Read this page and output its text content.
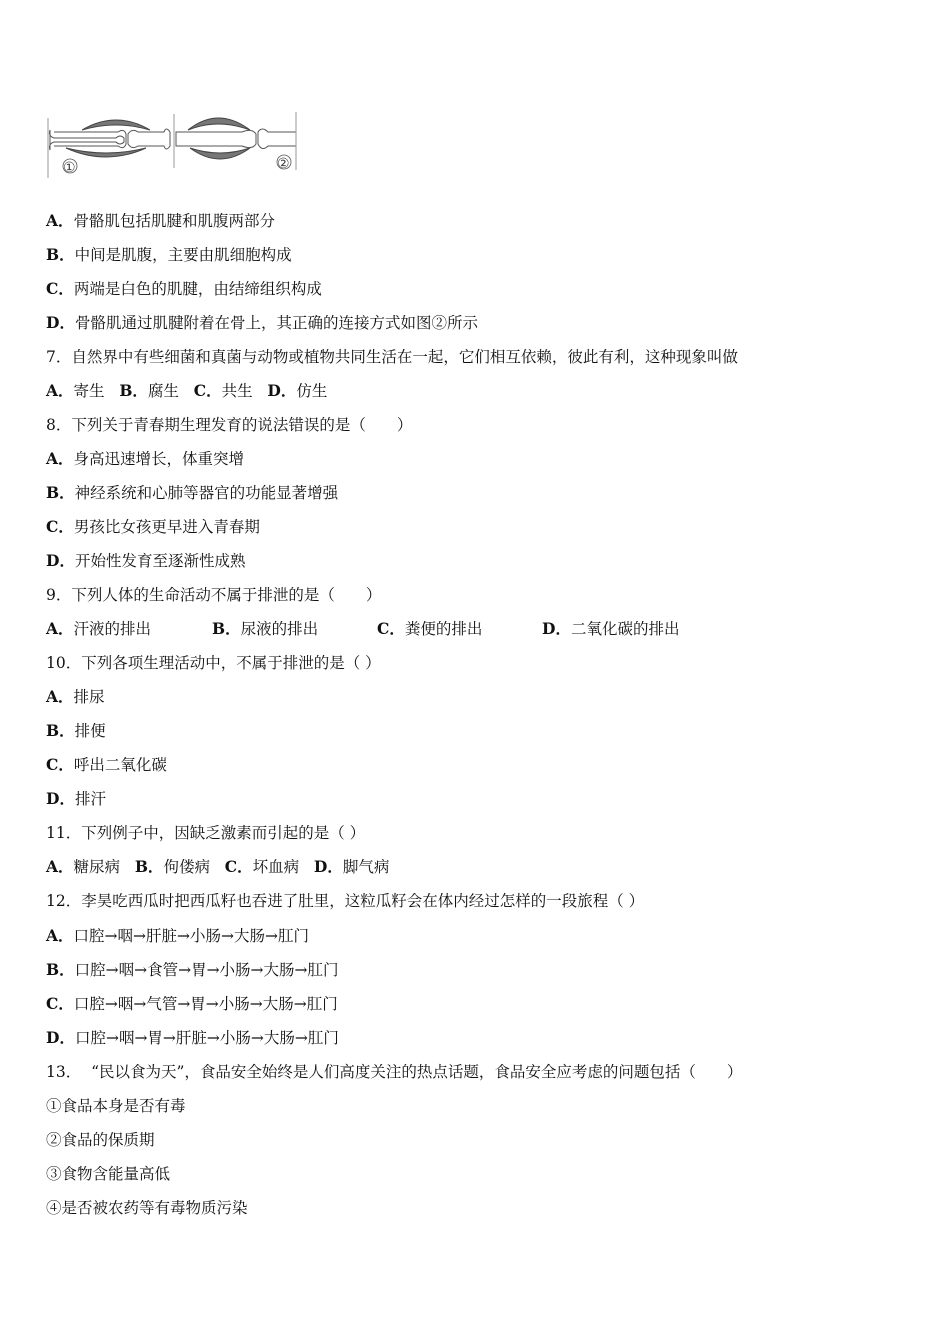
①	②
A．骨骼肌包括肌腱和肌腹两部分
B．中间是肌腹，主要由肌细胞构成
C．两端是白色的肌腱，由结缔组织构成
D．骨骼肌通过肌腱附着在骨上，其正确的连接方式如图②所示
7．自然界中有些细菌和真菌与动物或植物共同生活在一起，它们相互依赖，彼此有利，这种现象叫做
A．寄生 B．腐生 C．共生 D．仿生
8．下列关于青春期生理发育的说法错误的是（　　）
A．身高迅速增长，体重突增
B．神经系统和心肺等器官的功能显著增强
C．男孩比女孩更早进入青春期
D．开始性发育至逐渐性成熟
9．下列人体的生命活动不属于排泄的是（　　）
A．汗液的排出	B．尿液的排出	C．粪便的排出	D．二氧化碳的排出
10．下列各项生理活动中，不属于排泄的是（ ）
A．排尿
B．排便
C．呼出二氧化碳
D．排汗
11．下列例子中，因缺乏激素而引起的是（ ）
A．糖尿病 B．佝偻病 C．坏血病 D．脚气病
12．李昊吃西瓜时把西瓜籽也吞进了肚里，这粒瓜籽会在体内经过怎样的一段旅程（ ）
A．口腔→咽→肝脏→小肠→大肠→肛门
B．口腔→咽→食管→胃→小肠→大肠→肛门
C．口腔→咽→气管→胃→小肠→大肠→肛门
D．口腔→咽→胃→肝脏→小肠→大肠→肛门
13．  “民以食为天”，食品安全始终是人们高度关注的热点话题，食品安全应考虑的问题包括（　　）
①食品本身是否有毒
②食品的保质期
③食物含能量高低
④是否被农药等有毒物质污染
